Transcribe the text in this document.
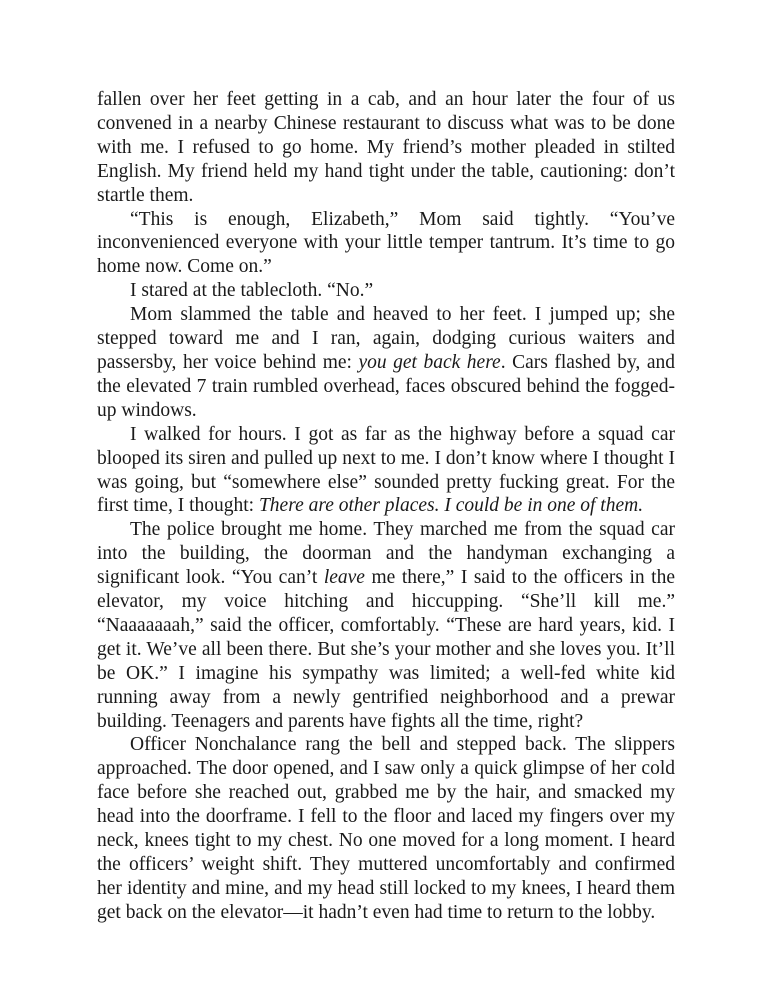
fallen over her feet getting in a cab, and an hour later the four of us convened in a nearby Chinese restaurant to discuss what was to be done with me. I refused to go home. My friend’s mother pleaded in stilted English. My friend held my hand tight under the table, cautioning: don’t startle them.

“This is enough, Elizabeth,” Mom said tightly. “You’ve inconvenienced everyone with your little temper tantrum. It’s time to go home now. Come on.”

I stared at the tablecloth. “No.”

Mom slammed the table and heaved to her feet. I jumped up; she stepped toward me and I ran, again, dodging curious waiters and passersby, her voice behind me: you get back here. Cars flashed by, and the elevated 7 train rumbled overhead, faces obscured behind the fogged-up windows.

I walked for hours. I got as far as the highway before a squad car blooped its siren and pulled up next to me. I don’t know where I thought I was going, but “somewhere else” sounded pretty fucking great. For the first time, I thought: There are other places. I could be in one of them.

The police brought me home. They marched me from the squad car into the building, the doorman and the handyman exchanging a significant look. “You can’t leave me there,” I said to the officers in the elevator, my voice hitching and hiccupping. “She’ll kill me.” “Naaaaaaah,” said the officer, comfortably. “These are hard years, kid. I get it. We’ve all been there. But she’s your mother and she loves you. It’ll be OK.” I imagine his sympathy was limited; a well-fed white kid running away from a newly gentrified neighborhood and a prewar building. Teenagers and parents have fights all the time, right?

Officer Nonchalance rang the bell and stepped back. The slippers approached. The door opened, and I saw only a quick glimpse of her cold face before she reached out, grabbed me by the hair, and smacked my head into the doorframe. I fell to the floor and laced my fingers over my neck, knees tight to my chest. No one moved for a long moment. I heard the officers’ weight shift. They muttered uncomfortably and confirmed her identity and mine, and my head still locked to my knees, I heard them get back on the elevator—it hadn’t even had time to return to the lobby.
